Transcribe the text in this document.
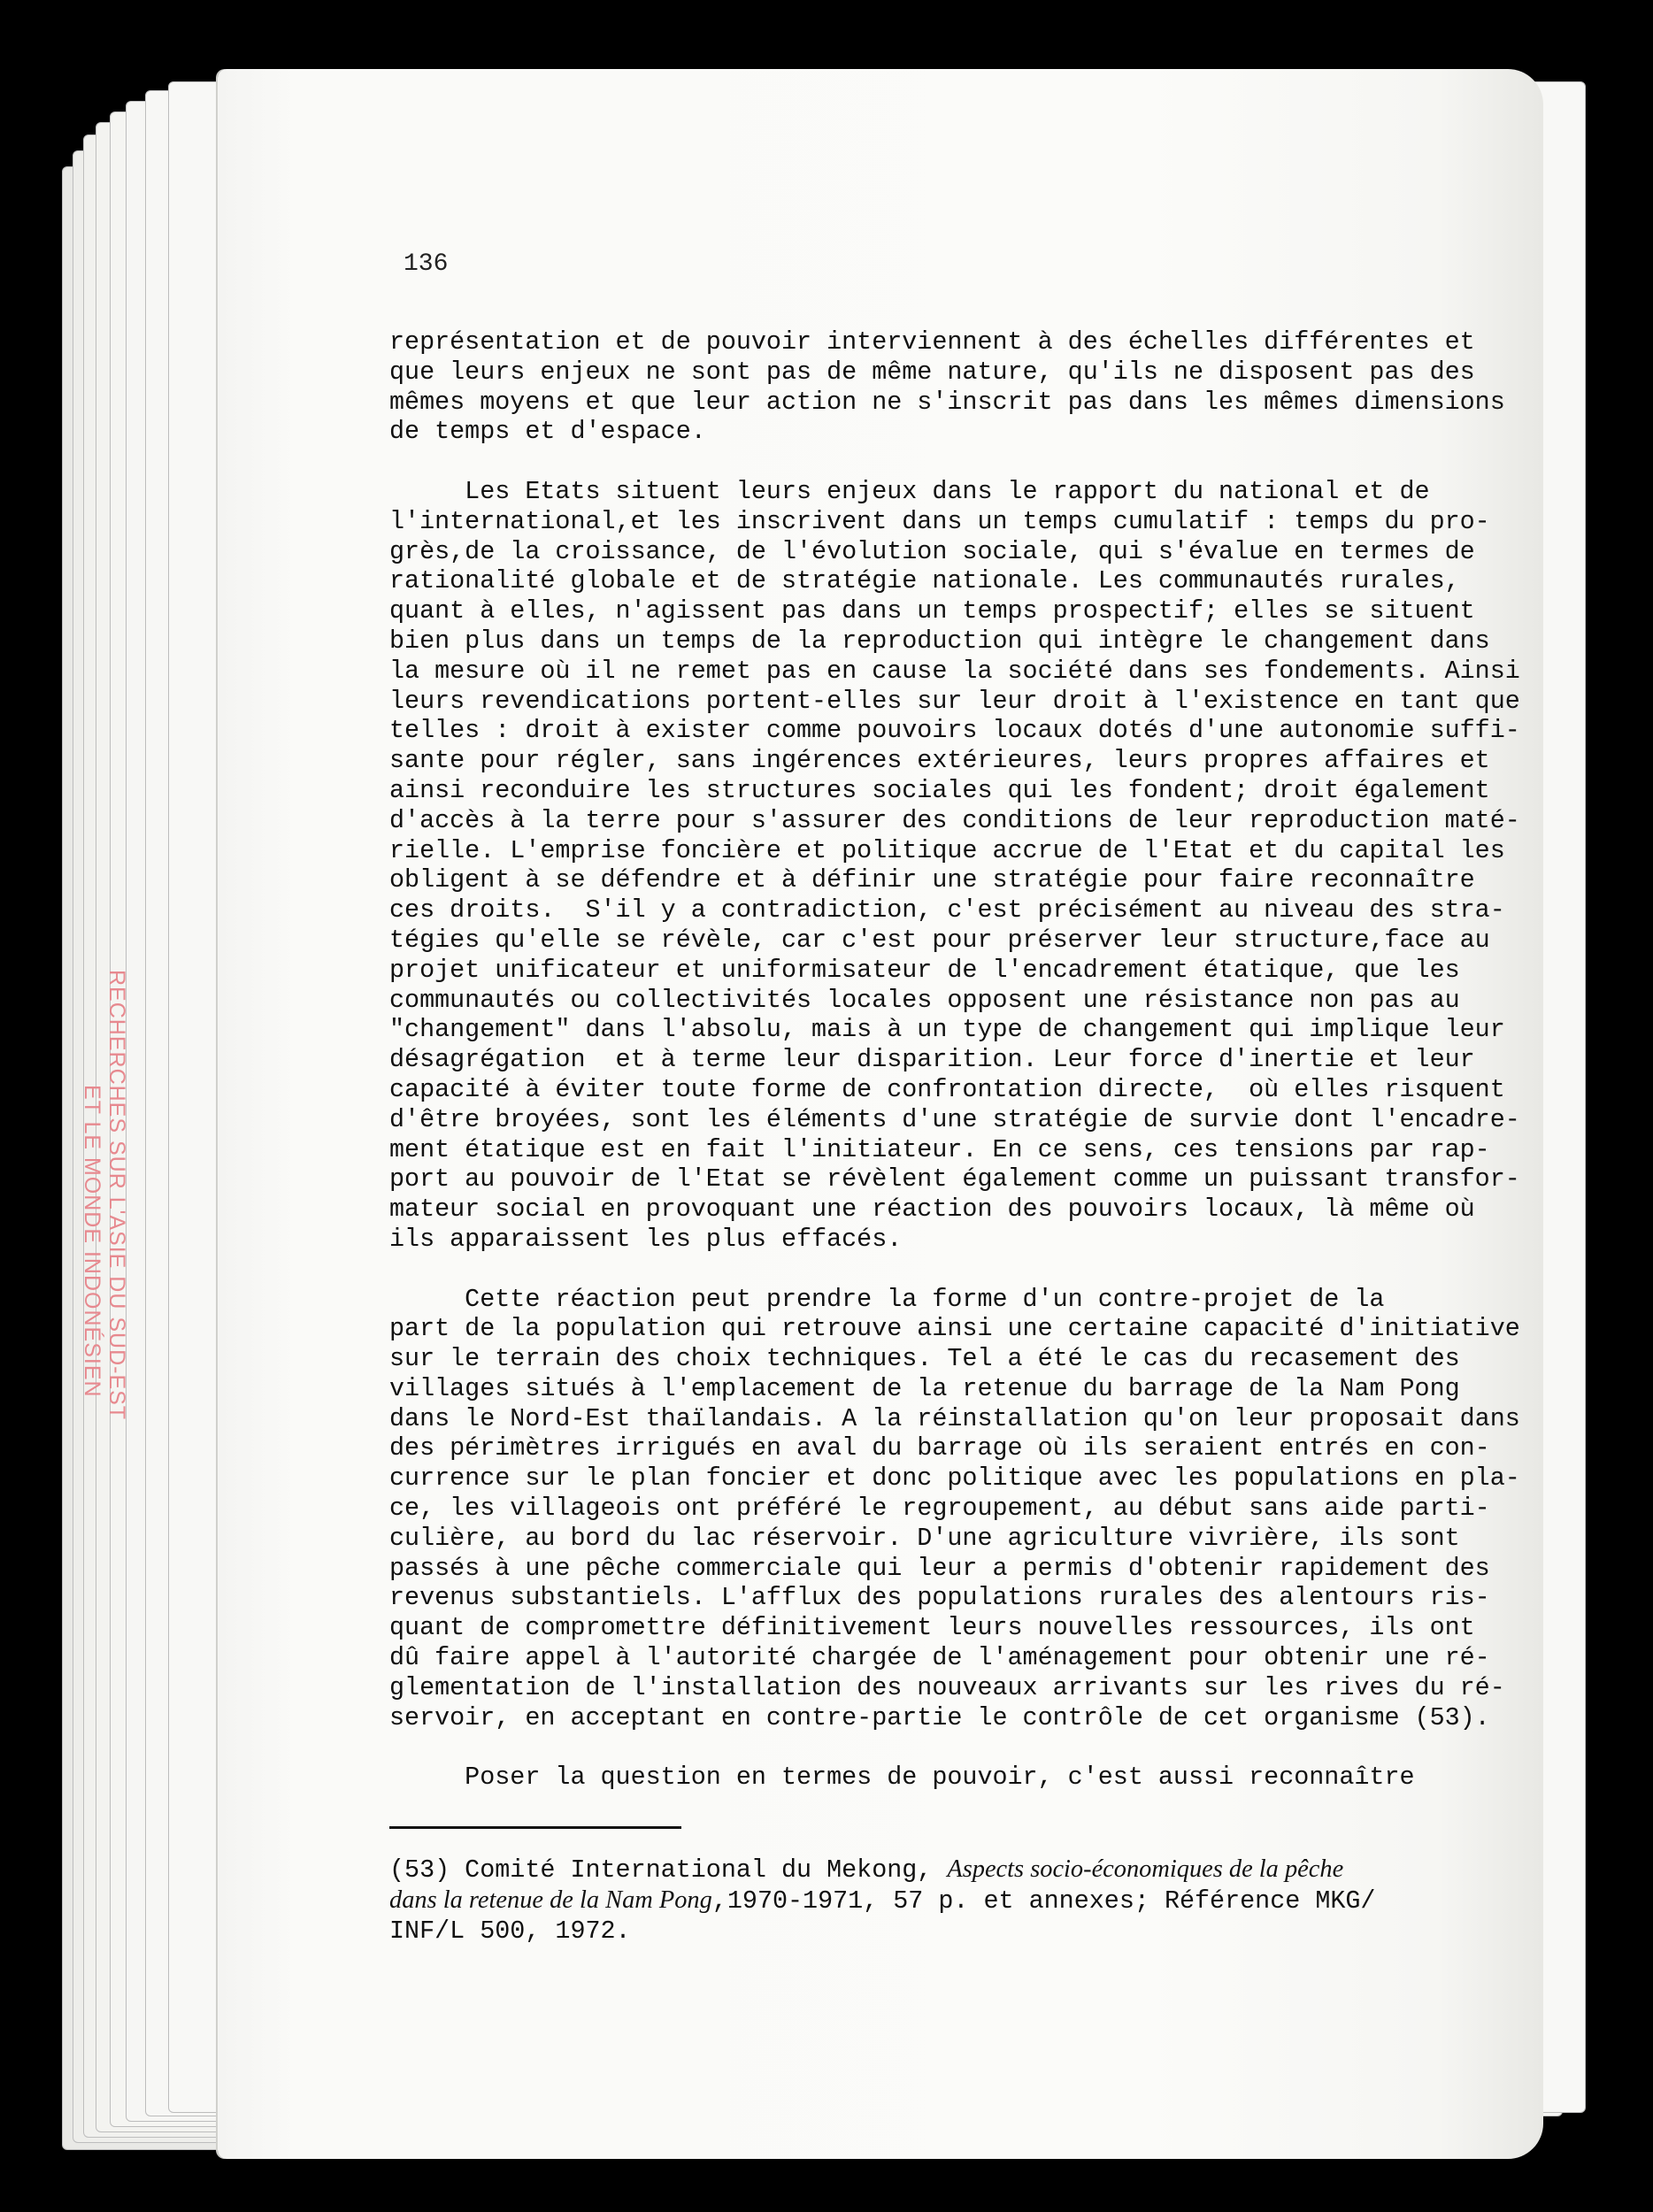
RECHERCHES SUR L'ASIE DU SUD-EST
ET LE MONDE INDONÉSIEN
136
représentation et de pouvoir interviennent à des échelles différentes et
que leurs enjeux ne sont pas de même nature, qu'ils ne disposent pas des
mêmes moyens et que leur action ne s'inscrit pas dans les mêmes dimensions
de temps et d'espace.
Les Etats situent leurs enjeux dans le rapport du national et de
l'international,et les inscrivent dans un temps cumulatif : temps du pro-
grès,de la croissance, de l'évolution sociale, qui s'évalue en termes de
rationalité globale et de stratégie nationale. Les communautés rurales,
quant à elles, n'agissent pas dans un temps prospectif; elles se situent
bien plus dans un temps de la reproduction qui intègre le changement dans
la mesure où il ne remet pas en cause la société dans ses fondements. Ainsi
leurs revendications portent-elles sur leur droit à l'existence en tant que
telles : droit à exister comme pouvoirs locaux dotés d'une autonomie suffi-
sante pour régler, sans ingérences extérieures, leurs propres affaires et
ainsi reconduire les structures sociales qui les fondent; droit également
d'accès à la terre pour s'assurer des conditions de leur reproduction maté-
rielle. L'emprise foncière et politique accrue de l'Etat et du capital les
obligent à se défendre et à définir une stratégie pour faire reconnaître
ces droits.  S'il y a contradiction, c'est précisément au niveau des stra-
tégies qu'elle se révèle, car c'est pour préserver leur structure,face au
projet unificateur et uniformisateur de l'encadrement étatique, que les
communautés ou collectivités locales opposent une résistance non pas au
"changement" dans l'absolu, mais à un type de changement qui implique leur
désagrégation  et à terme leur disparition. Leur force d'inertie et leur
capacité à éviter toute forme de confrontation directe,  où elles risquent
d'être broyées, sont les éléments d'une stratégie de survie dont l'encadre-
ment étatique est en fait l'initiateur. En ce sens, ces tensions par rap-
port au pouvoir de l'Etat se révèlent également comme un puissant transfor-
mateur social en provoquant une réaction des pouvoirs locaux, là même où
ils apparaissent les plus effacés.
Cette réaction peut prendre la forme d'un contre-projet de la
part de la population qui retrouve ainsi une certaine capacité d'initiative
sur le terrain des choix techniques. Tel a été le cas du recasement des
villages situés à l'emplacement de la retenue du barrage de la Nam Pong
dans le Nord-Est thaïlandais. A la réinstallation qu'on leur proposait dans
des périmètres irrigués en aval du barrage où ils seraient entrés en con-
currence sur le plan foncier et donc politique avec les populations en pla-
ce, les villageois ont préféré le regroupement, au début sans aide parti-
culière, au bord du lac réservoir. D'une agriculture vivrière, ils sont
passés à une pêche commerciale qui leur a permis d'obtenir rapidement des
revenus substantiels. L'afflux des populations rurales des alentours ris-
quant de compromettre définitivement leurs nouvelles ressources, ils ont
dû faire appel à l'autorité chargée de l'aménagement pour obtenir une ré-
glementation de l'installation des nouveaux arrivants sur les rives du ré-
servoir, en acceptant en contre-partie le contrôle de cet organisme (53).
Poser la question en termes de pouvoir, c'est aussi reconnaître
(53) Comité International du Mekong, Aspects socio-économiques de la pêche
dans la retenue de la Nam Pong,1970-1971, 57 p. et annexes; Référence MKG/
INF/L 500, 1972.
